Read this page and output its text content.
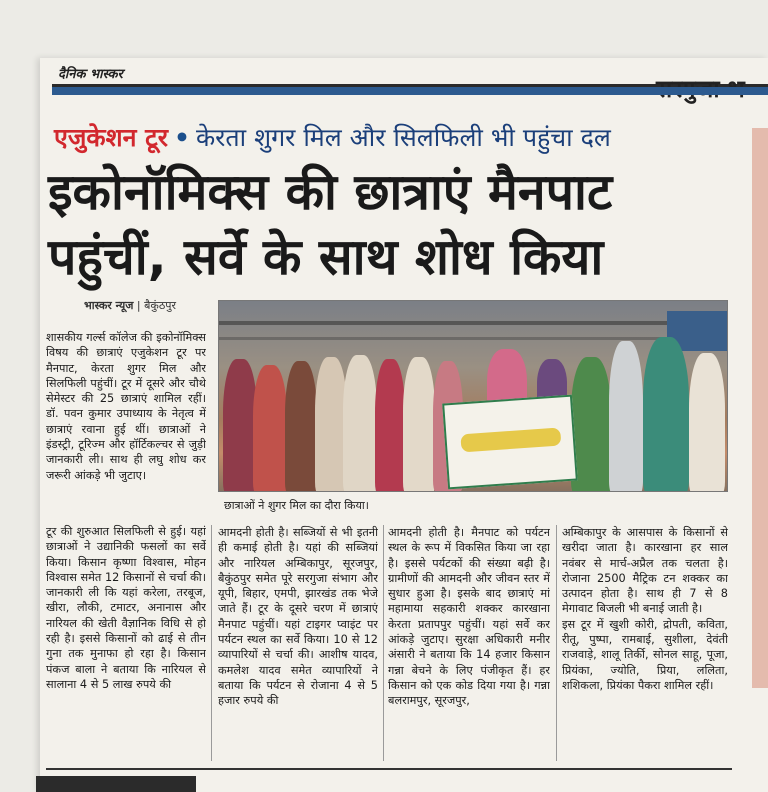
दैनिक भास्कर
एजुकेशन टूर • केरता शुगर मिल और सिलफिली भी पहुंचा दल
इकोनॉमिक्स की छात्राएं मैनपाट पहुंचीं, सर्वे के साथ शोध किया
भास्कर न्यूज | बैकुंठपुर
छात्राओं ने शुगर मिल का दौरा किया।

शासकीय गर्ल्स कॉलेज की इकोनॉमिक्स विषय की छात्राएं एजुकेशन टूर पर मैनपाट, केरता शुगर मिल और सिलफिली पहुंचीं। टूर में दूसरे और चौथे सेमेस्टर की 25 छात्राएं शामिल रहीं। डॉ. पवन कुमार उपाध्याय के नेतृत्व में छात्राएं रवाना हुई थीं। छात्राओं ने इंडस्ट्री, टूरिज्म और हॉर्टिकल्चर से जुड़ी जानकारी ली। साथ ही लघु शोध कर जरूरी आंकड़े भी जुटाए।

टूर की शुरुआत सिलफिली से हुई। यहां छात्राओं ने उद्यानिकी फसलों का सर्वे किया। किसान कृष्णा विश्वास, मोहन विश्वास समेत 12 किसानों से चर्चा की। जानकारी ली कि यहां करेला, तरबूज, खीरा, लौकी, टमाटर, अनानास और नारियल की खेती वैज्ञानिक विधि से हो रही है। इससे किसानों को ढाई से तीन गुना तक मुनाफा हो रहा है। किसान पंकज बाला ने बताया कि नारियल से सालाना 4 से 5 लाख रुपये की

आमदनी होती है। सब्जियों से भी इतनी ही कमाई होती है। यहां की सब्जियां और नारियल अम्बिकापुर, सूरजपुर, बैकुंठपुर समेत पूरे सरगुजा संभाग और यूपी, बिहार, एमपी, झारखंड तक भेजे जाते हैं। टूर के दूसरे चरण में छात्राएं मैनपाट पहुंचीं। यहां टाइगर प्वाइंट पर पर्यटन स्थल का सर्वे किया। 10 से 12 व्यापारियों से चर्चा की। आशीष यादव, कमलेश यादव समेत व्यापारियों ने बताया कि पर्यटन से रोजाना 4 से 5 हजार रुपये की

आमदनी होती है। मैनपाट को पर्यटन स्थल के रूप में विकसित किया जा रहा है। इससे पर्यटकों की संख्या बढ़ी है। ग्रामीणों की आमदनी और जीवन स्तर में सुधार हुआ है। इसके बाद छात्राएं मां महामाया सहकारी शक्कर कारखाना केरता प्रतापपुर पहुंचीं। यहां सर्वे कर आंकड़े जुटाए। सुरक्षा अधिकारी मनीर अंसारी ने बताया कि 14 हजार किसान गन्ना बेचने के लिए पंजीकृत हैं। हर किसान को एक कोड दिया गया है। गन्ना बलरामपुर, सूरजपुर,

अम्बिकापुर के आसपास के किसानों से खरीदा जाता है। कारखाना हर साल नवंबर से मार्च-अप्रैल तक चलता है। रोजाना 2500 मैट्रिक टन शक्कर का उत्पादन होता है। साथ ही 7 से 8 मेगावाट बिजली भी बनाई जाती है।

इस टूर में खुशी कोरी, द्रोपती, कविता, रीतू, पुष्पा, रामबाई, सुशीला, देवंती राजवाड़े, शालू तिर्की, सोनल साहू, पूजा, प्रियंका, ज्योति, प्रिया, ललिता, शशिकला, प्रियंका पैकरा शामिल रहीं।
